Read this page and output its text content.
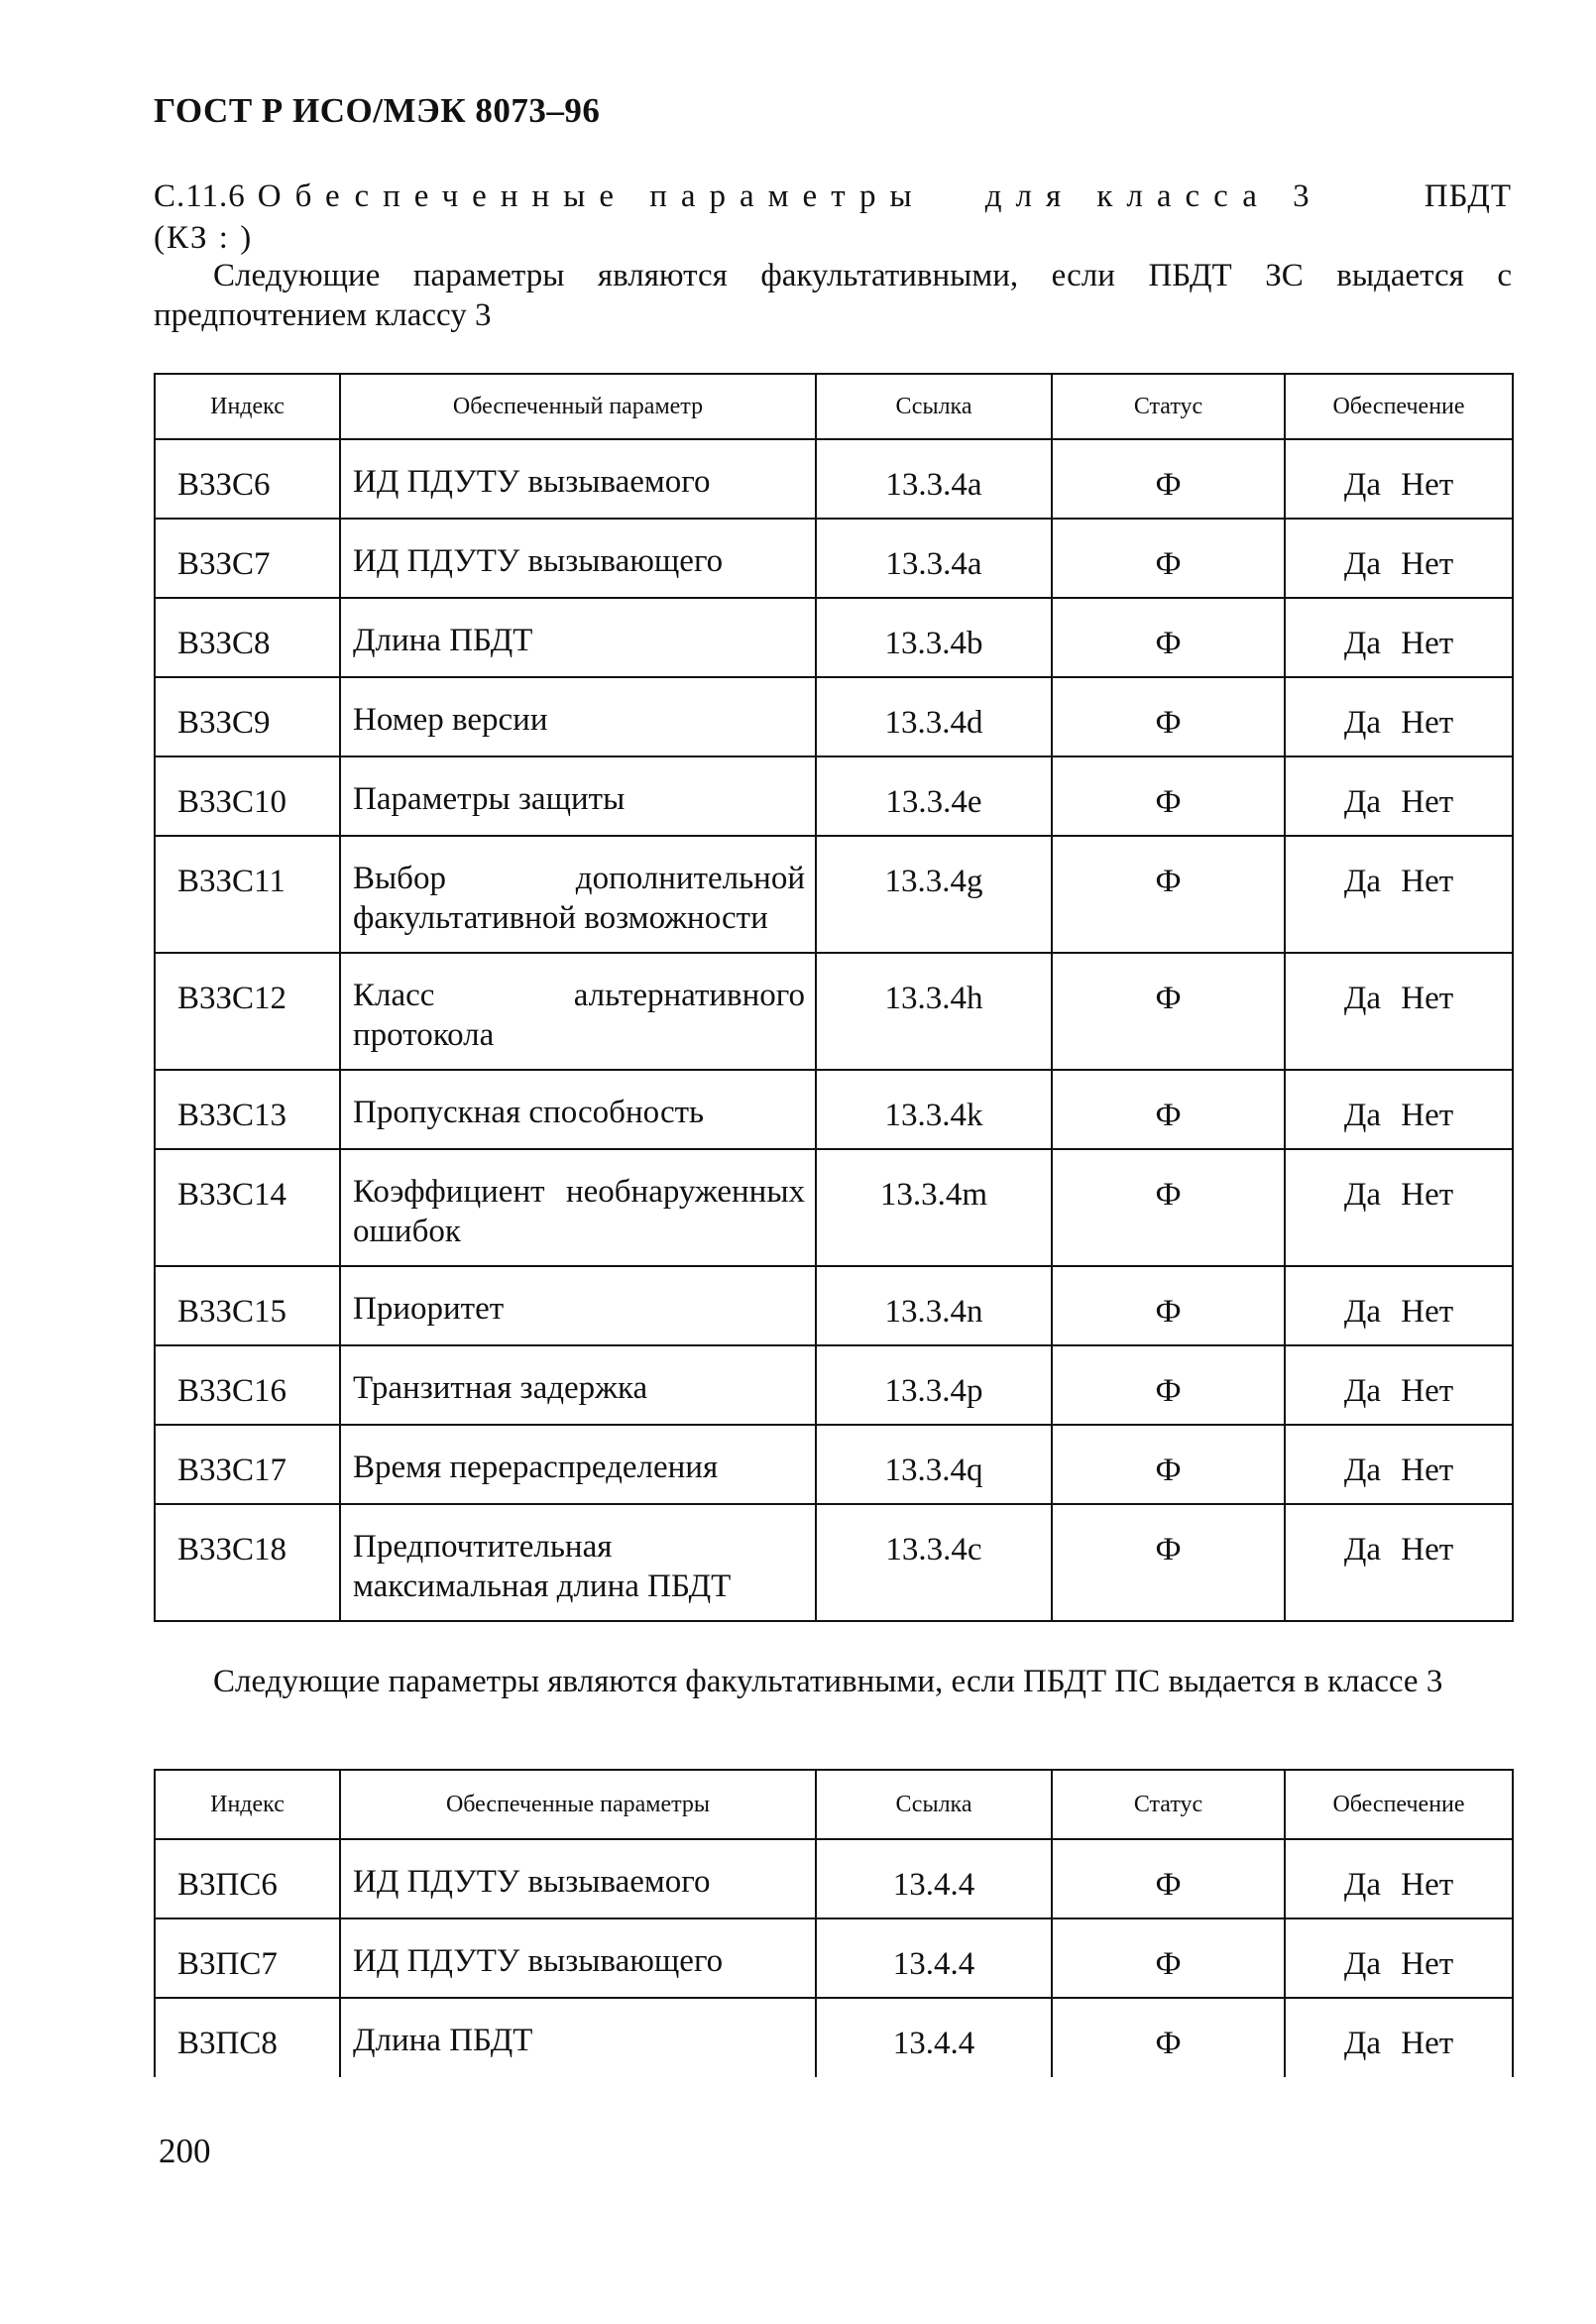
ГОСТ Р ИСО/МЭК 8073–96
С.11.6 Обеспеченные параметры для класса 3	ПБДТ
(КЗ : )
Следующие параметры являются факультативными, если ПБДТ ЗС выдается с предпочтением классу 3
Индекс	Обеспеченный параметр	Ссылка	Статус	Обеспечение
В3ЗС6	ИД ПДУТУ вызываемого	13.3.4a	Ф	Да Нет
В3ЗС7	ИД ПДУТУ вызывающего	13.3.4a	Ф	Да Нет
В3ЗС8	Длина ПБДТ	13.3.4b	Ф	Да Нет
В3ЗС9	Номер версии	13.3.4d	Ф	Да Нет
В3ЗС10	Параметры защиты	13.3.4e	Ф	Да Нет
В3ЗС11	Выбор дополнительной факультативной возможности	13.3.4g	Ф	Да Нет
В3ЗС12	Класс альтернативного протокола	13.3.4h	Ф	Да Нет
В3ЗС13	Пропускная способность	13.3.4k	Ф	Да Нет
В3ЗС14	Коэффициент необнаруженных ошибок	13.3.4m	Ф	Да Нет
В3ЗС15	Приоритет	13.3.4n	Ф	Да Нет
В3ЗС16	Транзитная задержка	13.3.4p	Ф	Да Нет
В3ЗС17	Время перераспределения	13.3.4q	Ф	Да Нет
В3ЗС18	Предпочтительная максимальная длина ПБДТ	13.3.4c	Ф	Да Нет
Следующие параметры являются факультативными, если ПБДТ ПС выдается в классе 3
Индекс	Обеспеченные параметры	Ссылка	Статус	Обеспечение
В3ПС6	ИД ПДУТУ вызываемого	13.4.4	Ф	Да Нет
В3ПС7	ИД ПДУТУ вызывающего	13.4.4	Ф	Да Нет
В3ПС8	Длина ПБДТ	13.4.4	Ф	Да Нет
200
